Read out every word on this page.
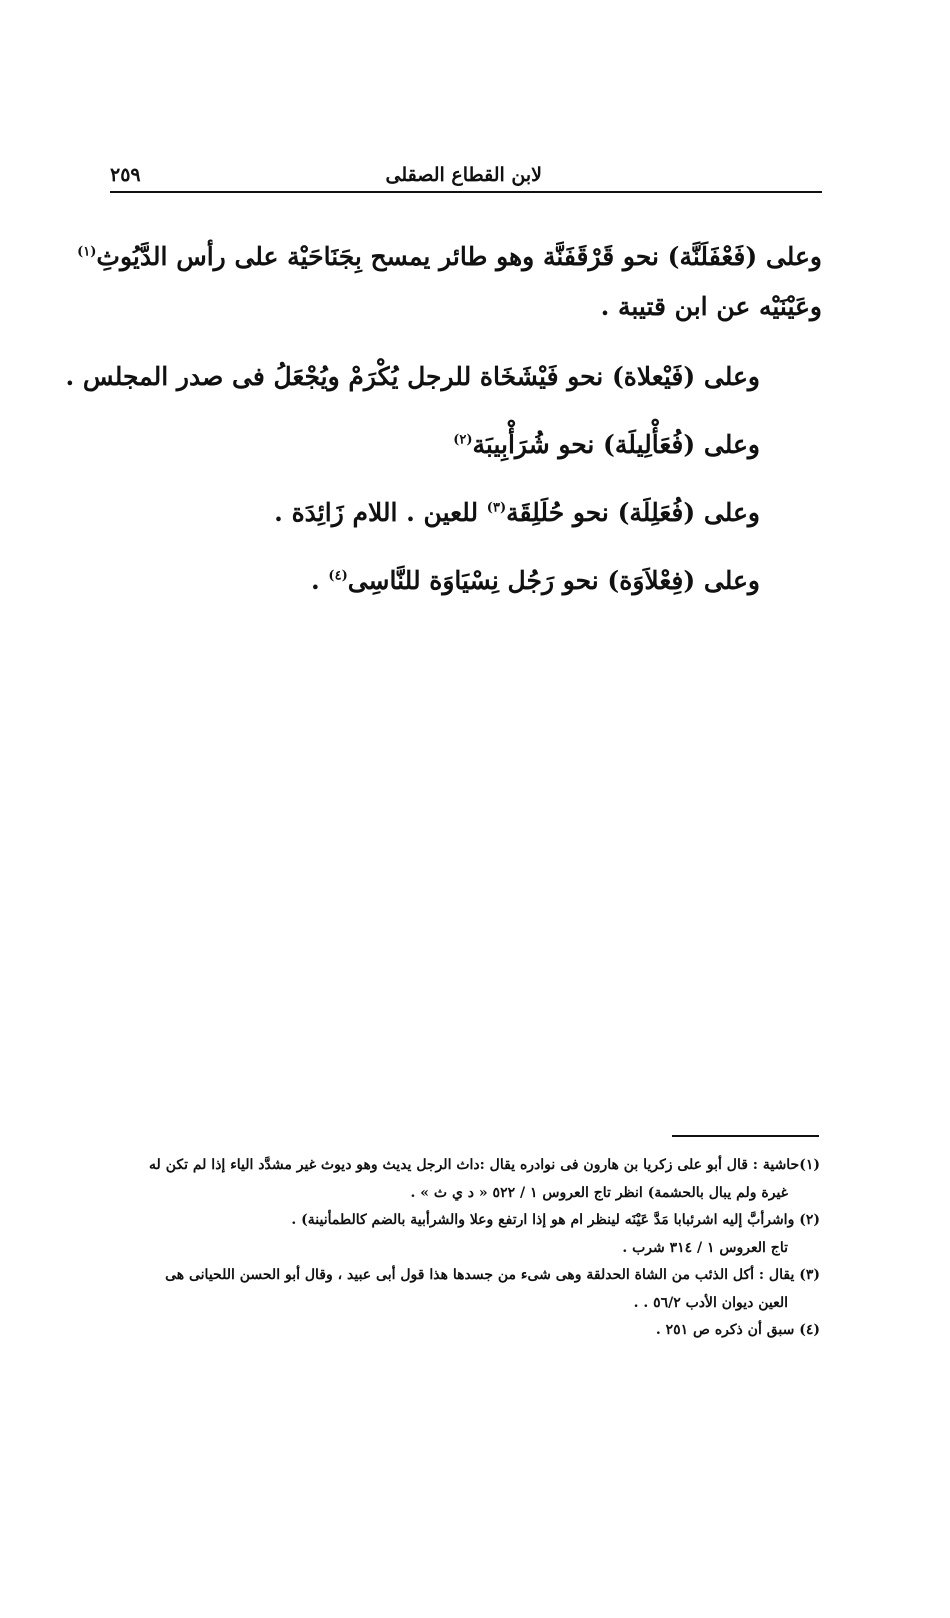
٢٥٩	لابن القطاع الصقلى

وعلى (فَعْفَلَنَّة) نحو قَرْقَفَنَّة وهو طائر يمسح بِجَنَاحَيْة على رأس الدَّيُوثِ$^{(١)}$

وعَيْنَيْه عن ابن قتيبة .

وعلى (فَيْعلاة) نحو فَيْشَخَاة للرجل يُكْرَمْ ويُجْعَلُ فى صدر المجلس .

وعلى (فُعَأْلِيلَة) نحو شُرَأْبِيبَة$^{(٢)}$

وعلى (فُعَلِلَة) نحو حُلَلِقَة$^{(٣)}$ للعين . اللام زَائِدَة .

وعلى (فِعْلاَوَة) نحو رَجُل نِسْيَاوَة للنَّاسِى$^{(٤)}$ .

(١)حاشية : قال أبو على زكريا بن هارون فى نوادره يقال :داث الرجل يديث وهو ديوث غير مشدَّد الياء إذا لم تكن له

غيرة ولم يبال بالحشمة) انظر تاج العروس ١ / ٥٢٢ « د ي ث » .

(٢) واشرأبَّ إليه اشرئبابا مَدَّ عَيْنَه لينظر ام هو إذا ارتفع وعلا والشرأبية بالضم كالطمأنينة) .

تاج العروس ١ / ٣١٤ شرب .

(٣) يقال : أكل الذئب من الشاة الحدلقة وهى شىء من جسدها هذا قول أبى عبيد ، وقال أبو الحسن اللحيانى هى

العين ديوان الأدب ٥٦/٢ . .

(٤) سبق أن ذكره ص ٢٥١ .
